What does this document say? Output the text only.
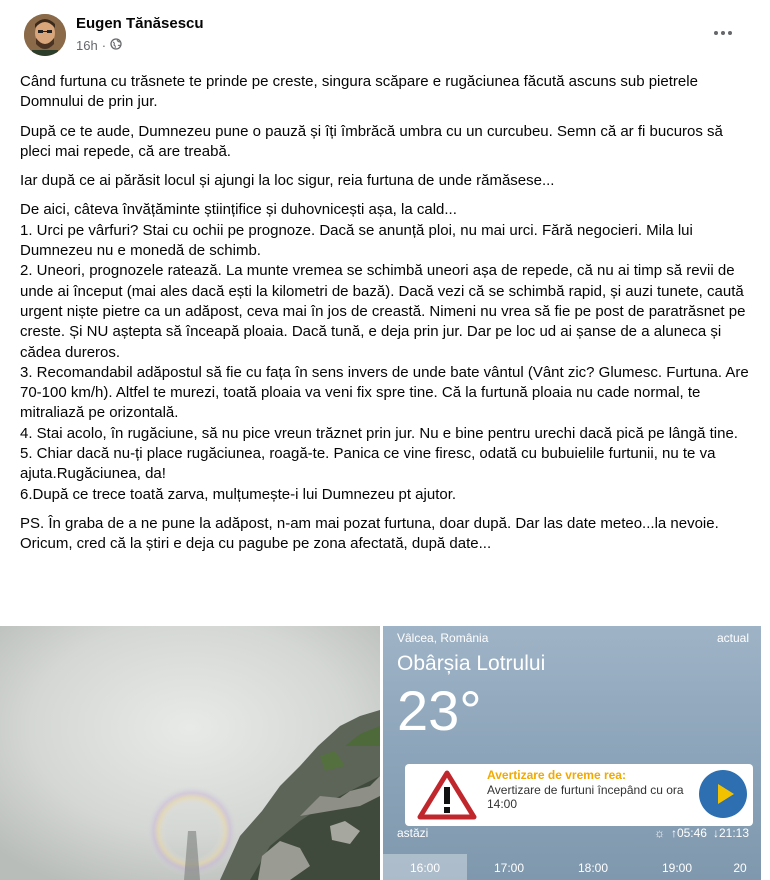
Eugen Tănăsescu
16h ·

Când furtuna cu trăsnete te prinde pe creste, singura scăpare e rugăciunea făcută ascuns sub pietrele Domnului de prin jur.

După ce te aude, Dumnezeu pune o pauză și îți îmbrăcă umbra cu un curcubeu. Semn că ar fi bucuros să pleci mai repede, că are treabă.

Iar după ce ai părăsit locul și ajungi la loc sigur, reia furtuna de unde rămăsese...

De aici, câteva învățăminte științifice și duhovnicești așa, la cald...
1. Urci pe vârfuri? Stai cu ochii pe prognoze. Dacă se anunță ploi, nu mai urci. Fără negocieri. Mila lui Dumnezeu nu e monedă de schimb.
2. Uneori, prognozele ratează. La munte vremea se schimbă uneori așa de repede, că nu ai timp să revii de unde ai început (mai ales dacă ești la kilometri de bază). Dacă vezi că se schimbă rapid, și auzi tunete, caută urgent niște pietre ca un adăpost, ceva mai în jos de creastă. Nimeni nu vrea să fie pe post de paratrăsnet pe creste. Și NU aștepta să înceapă ploaia. Dacă tună, e deja prin jur. Dar pe loc ud ai șanse de a aluneca și cădea dureros.
3. Recomandabil adăpostul să fie cu fața în sens invers de unde bate vântul (Vânt zic? Glumesc. Furtuna. Are 70-100 km/h). Altfel te murezi, toată ploaia va veni fix spre tine. Că la furtună ploaia nu cade normal, te mitraliază pe orizontală.
4. Stai acolo, în rugăciune, să nu pice vreun trăznet prin jur. Nu e bine pentru urechi dacă pică pe lângă tine.
5. Chiar dacă nu-ți place rugăciunea, roagă-te. Panica ce vine firesc, odată cu bubuielile furtunii, nu te va ajuta.Rugăciunea, da!
6.După ce trece toată zarva, mulțumește-i lui Dumnezeu pt ajutor.

PS. În graba de a ne pune la adăpost, n-am mai pozat furtuna, doar după. Dar las date meteo...la nevoie. Oricum, cred că la știri e deja cu pagube pe zona afectată, după date...

Vâlcea, România	actual
Obârșia Lotrului
23°
Avertizare de vreme rea:
Avertizare de furtuni începând cu ora 14:00
astăzi	☼ ↑05:46 ↓21:13
16:00	17:00	18:00	19:00	20
